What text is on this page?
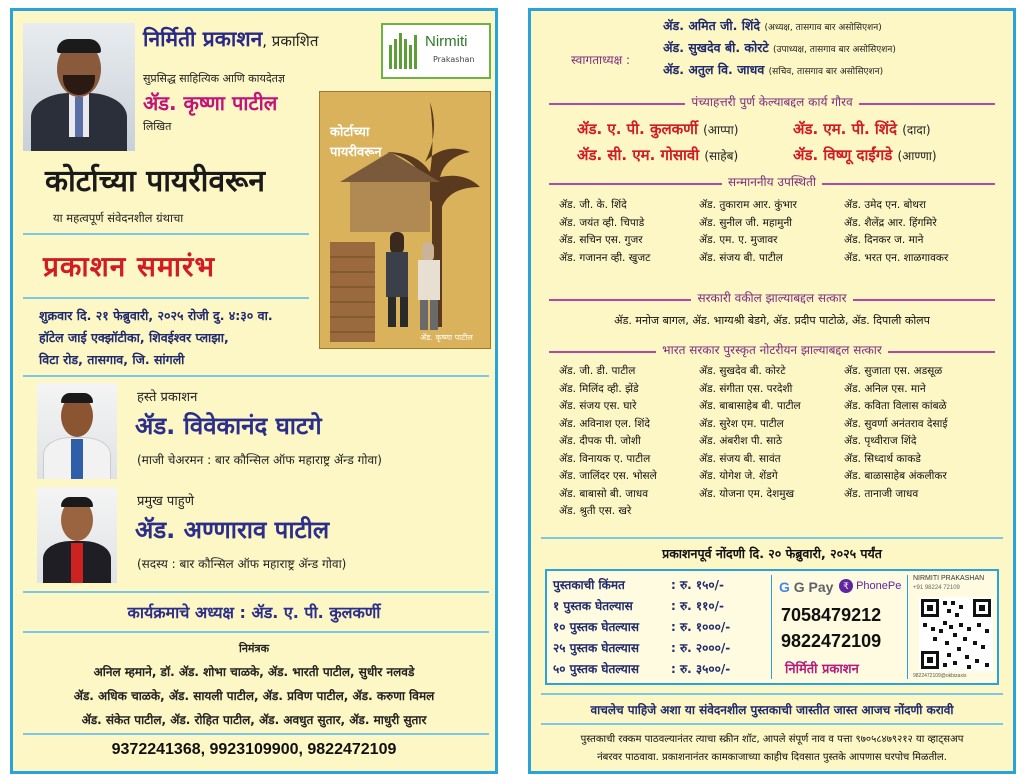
निर्मिती प्रकाशन, प्रकाशित	Nirmiti
Prakashan
सुप्रसिद्ध साहित्यिक आणि कायदेतज्ञ
ॲड. कृष्णा पाटील
लिखित
कोर्टाच्या पायरीवरून
या महत्वपूर्ण संवेदनशील ग्रंथाचा
कोर्टाच्या
पायरीवरून
ॲड. कृष्णा पाटील
प्रकाशन समारंभ
शुक्रवार दि. २१ फेब्रुवारी, २०२५ रोजी दु. ४:३० वा.
हॉटेल जाई एक्झॉटीका, शिवईश्वर प्लाझा,
विटा रोड, तासगाव, जि. सांगली
हस्ते प्रकाशन
ॲड. विवेकानंद घाटगे
(माजी चेअरमन : बार कौन्सिल ऑफ महाराष्ट्र ॲन्ड गोवा)
प्रमुख पाहुणे
ॲड. अण्णाराव पाटील
(सदस्य : बार कौन्सिल ऑफ महाराष्ट्र ॲन्ड गोवा)
कार्यक्रमाचे अध्यक्ष : ॲड. ए. पी. कुलकर्णी
निमंत्रक
अनिल म्हमाने, डॉ. ॲड. शोभा चाळके, ॲड. भारती पाटील, सुधीर नलवडे
ॲड. अधिक चाळके, ॲड. सायली पाटील, ॲड. प्रविण पाटील, ॲड. करुणा विमल
ॲड. संकेत पाटील, ॲड. रोहित पाटील, ॲड. अवधुत सुतार, ॲड. माधुरी सुतार
9372241368, 9923109900, 9822472109
स्वागताध्यक्ष :
ॲड. अमित जी. शिंदे (अध्यक्ष, तासगाव बार असोसिएशन)
ॲड. सुखदेव बी. कोरटे (उपाध्यक्ष, तासगाव बार असोसिएशन)
ॲड. अतुल वि. जाधव (सचिव, तासगाव बार असोसिएशन)
पंच्याहत्तरी पुर्ण केल्याबद्दल कार्य गौरव
ॲड. ए. पी. कुलकर्णी (आप्पा)	ॲड. एम. पी. शिंदे (दादा)
ॲड. सी. एम. गोसावी (साहेब)	ॲड. विष्णू दाईंगडे (आण्णा)
सन्माननीय उपस्थिती
ॲड. जी. के. शिंदे	ॲड. तुकाराम आर. कुंभार	ॲड. उमेद एन. बोथरा
ॲड. जयंत व्ही. चिपाडे	ॲड. सुनील जी. महामुनी	ॲड. शैलेंद्र आर. हिंगमिरे
ॲड. सचिन एस. गुजर	ॲड. एम. ए. मुजावर	ॲड. दिनकर ज. माने
ॲड. गजानन व्ही. खुजट	ॲड. संजय बी. पाटील	ॲड. भरत एन. शाळगावकर
सरकारी वकील झाल्याबद्दल सत्कार
ॲड. मनोज बागल, ॲड. भाग्यश्री बेडगे, ॲड. प्रदीप पाटोळे, ॲड. दिपाली कोलप
भारत सरकार पुरस्कृत नोटरीयन झाल्याबद्दल सत्कार
ॲड. जी. डी. पाटील	ॲड. सुखदेव बी. कोरटे	ॲड. सुजाता एस. अडसूळ
ॲड. मिलिंद व्ही. झेंडे	ॲड. संगीता एस. परदेशी	ॲड. अनिल एस. माने
ॲड. संजय एस. घारे	ॲड. बाबासाहेब बी. पाटील	ॲड. कविता विलास कांबळे
ॲड. अविनाश एल. शिंदे	ॲड. सुरेश एम. पाटील	ॲड. सुवर्णा अनंतराव देसाई
ॲड. दीपक पी. जोशी	ॲड. अंबरीश पी. साठे	ॲड. पृथ्वीराज शिंदे
ॲड. विनायक ए. पाटील	ॲड. संजय बी. सावंत	ॲड. सिध्दार्थ काकडे
ॲड. जालिंदर एस. भोसले	ॲड. योगेश जे. शेंडगे	ॲड. बाळासाहेब अंकलीकर
ॲड. बाबासो बी. जाधव	ॲड. योजना एम. देशमुख	ॲड. तानाजी जाधव
ॲड. श्रुती एस. खरे
प्रकाशनपूर्व नोंदणी दि. २० फेब्रुवारी, २०२५ पर्यंत
पुस्तकाची किंमत	: रु. १५०/-
१ पुस्तक घेतल्यास	: रु. ११०/-
१० पुस्तक घेतल्यास	: रु. १०००/-
२५ पुस्तक घेतल्यास	: रु. २०००/-
५० पुस्तक घेतल्यास	: रु. ३५००/-
G G Pay	₹ PhonePe
7058479212
9822472109
निर्मिती प्रकाशन
NIRMITI PRAKASHAN
+91 98224 72109
9822472109@okbizaxis
वाचलेच पाहिजे अशा या संवेदनशील पुस्तकाची जास्तीत जास्त आजच नोंदणी करावी
पुस्तकाची रक्कम पाठवल्यानंतर त्याचा स्क्रीन शॉट, आपले संपूर्ण नाव व पत्ता ९७०५८४७९२१२ या व्हाट्सअप
नंबरवर पाठवावा. प्रकाशनानंतर कामकाजाच्या काहीच दिवसात पुस्तके आपणास घरपोच मिळतील.
